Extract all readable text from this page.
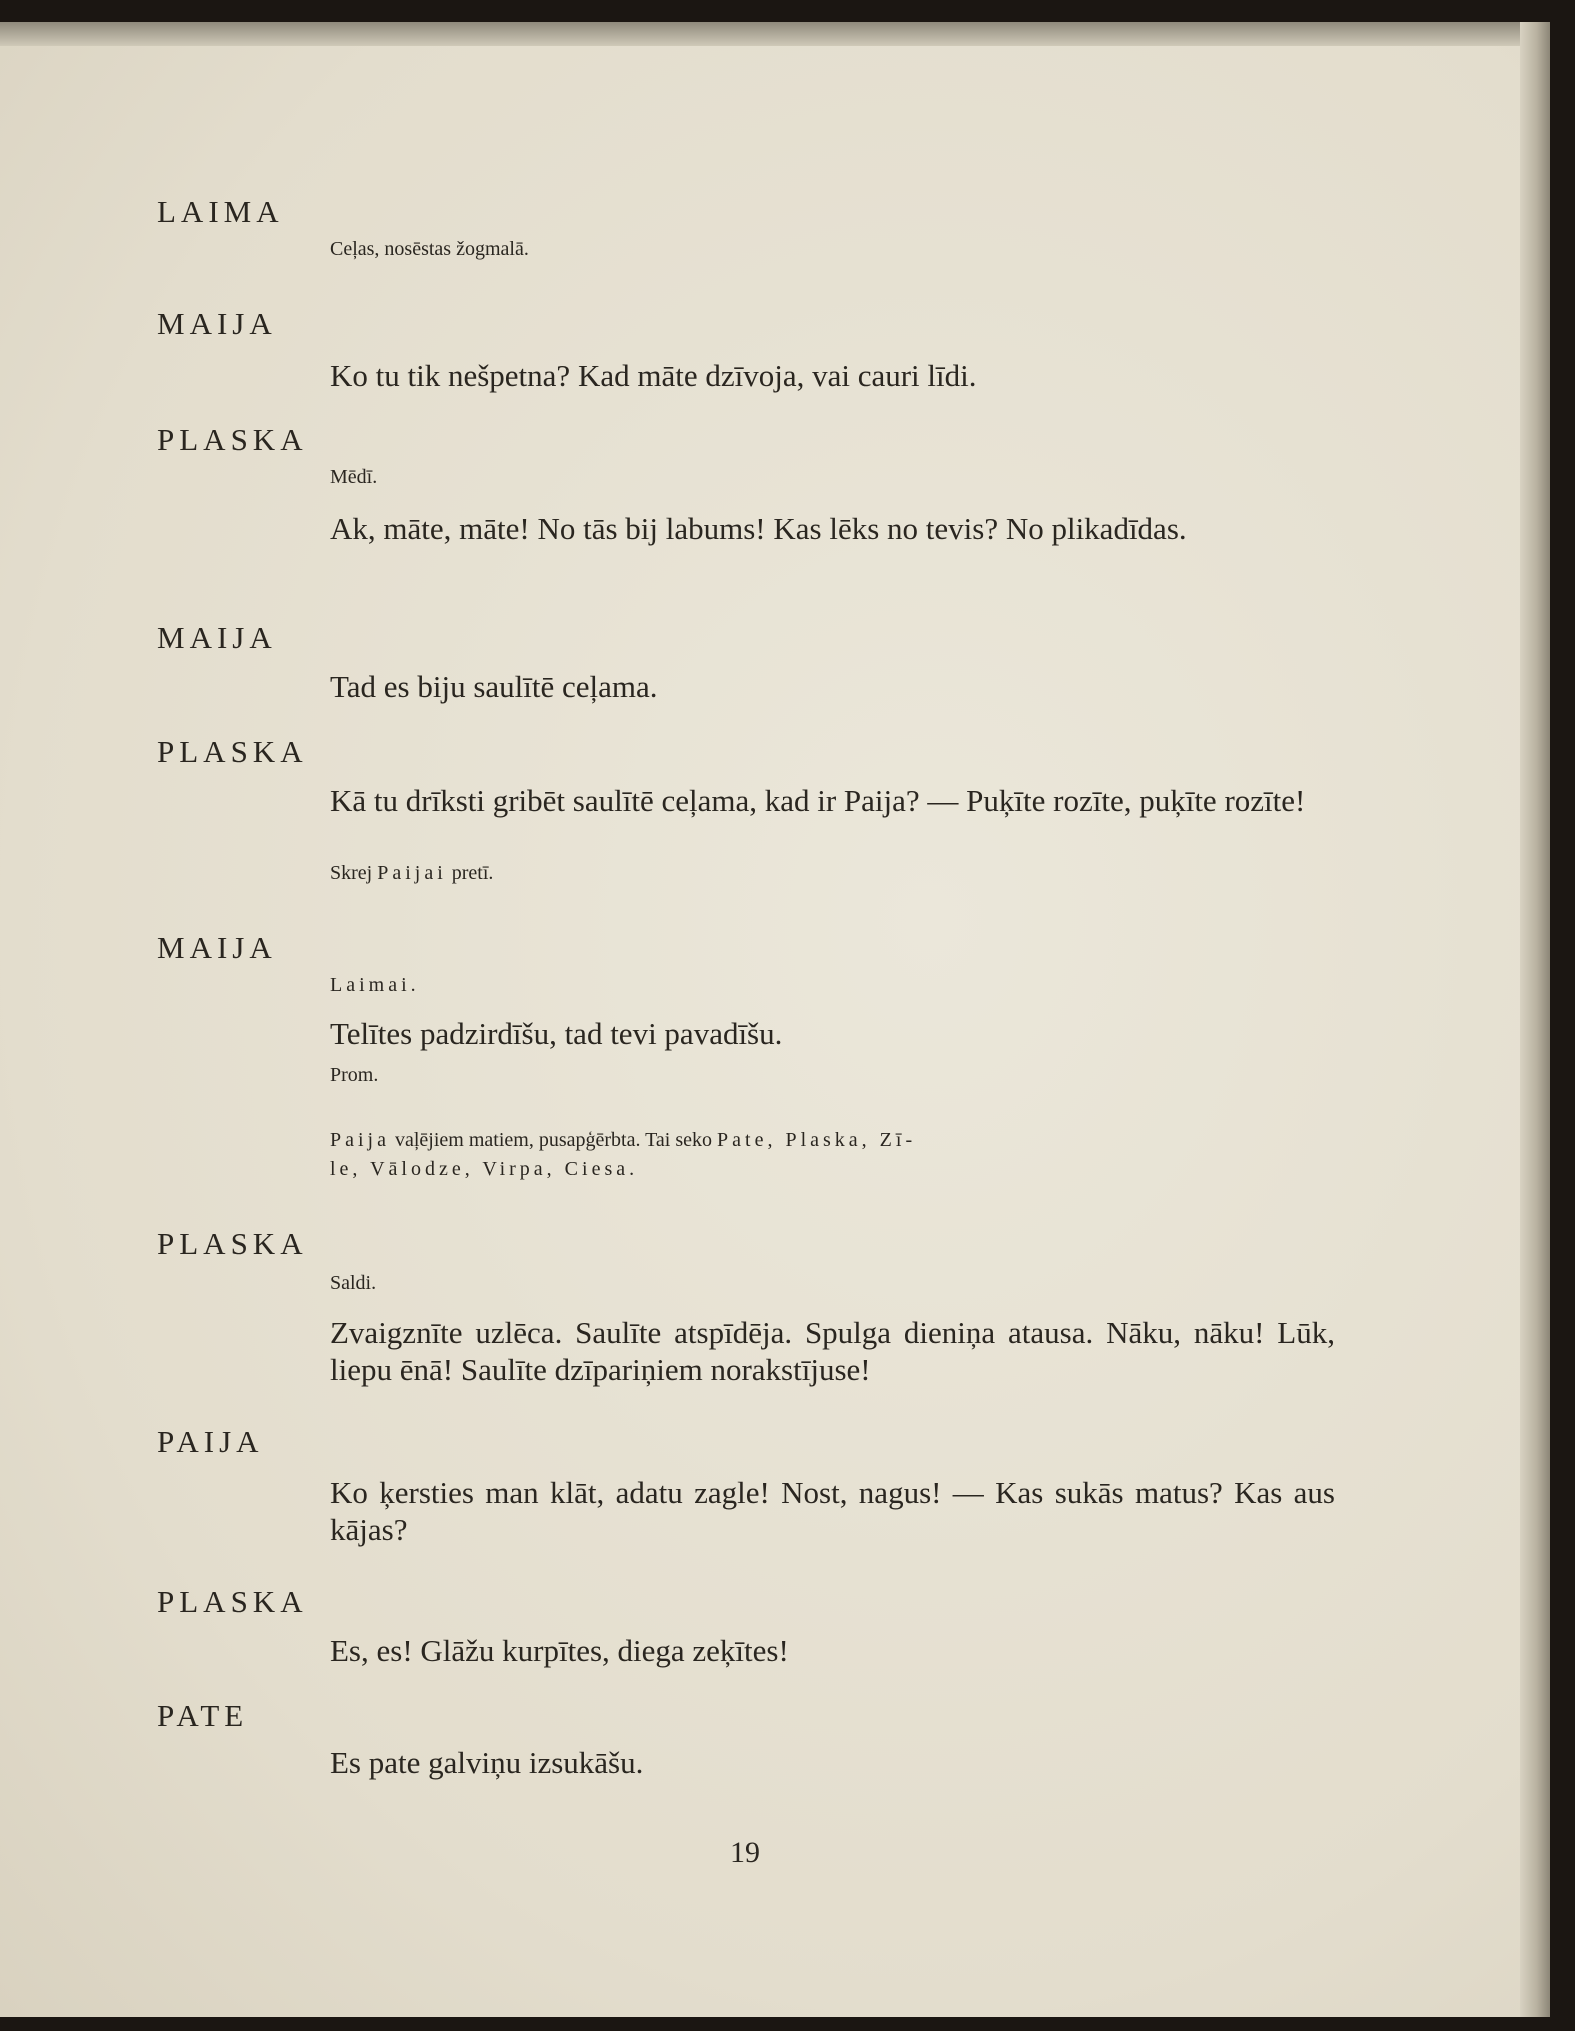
LAIMA
Ceļas, nosēstas žogmalā.
MAIJA
Ko tu tik nešpetna? Kad māte dzīvoja, vai cauri līdi.
PLASKA
Mēdī.
Ak, māte, māte! No tās bij labums! Kas lēks no tevis? No plikadīdas.
MAIJA
Tad es biju saulītē ceļama.
PLASKA
Kā tu drīksti gribēt saulītē ceļama, kad ir Paija? — Puķīte rozīte, puķīte rozīte!
Skrej Paijai pretī.
MAIJA
Laimai.
Telītes padzirdīšu, tad tevi pavadīšu.
Prom.
Paija vaļējiem matiem, pusapģērbta. Tai seko Pate, Plaska, Zī-
le, Vālodze, Virpa, Ciesa.
PLASKA
Saldi.
Zvaigznīte uzlēca. Saulīte atspīdēja. Spulga dieniņa atausa. Nāku, nāku! Lūk, liepu ēnā! Saulīte dzīpariņiem norakstījuse!
PAIJA
Ko ķersties man klāt, adatu zagle! Nost, nagus! — Kas sukās matus? Kas aus kājas?
PLASKA
Es, es! Glāžu kurpītes, diega zeķītes!
PATE
Es pate galviņu izsukāšu.
19
